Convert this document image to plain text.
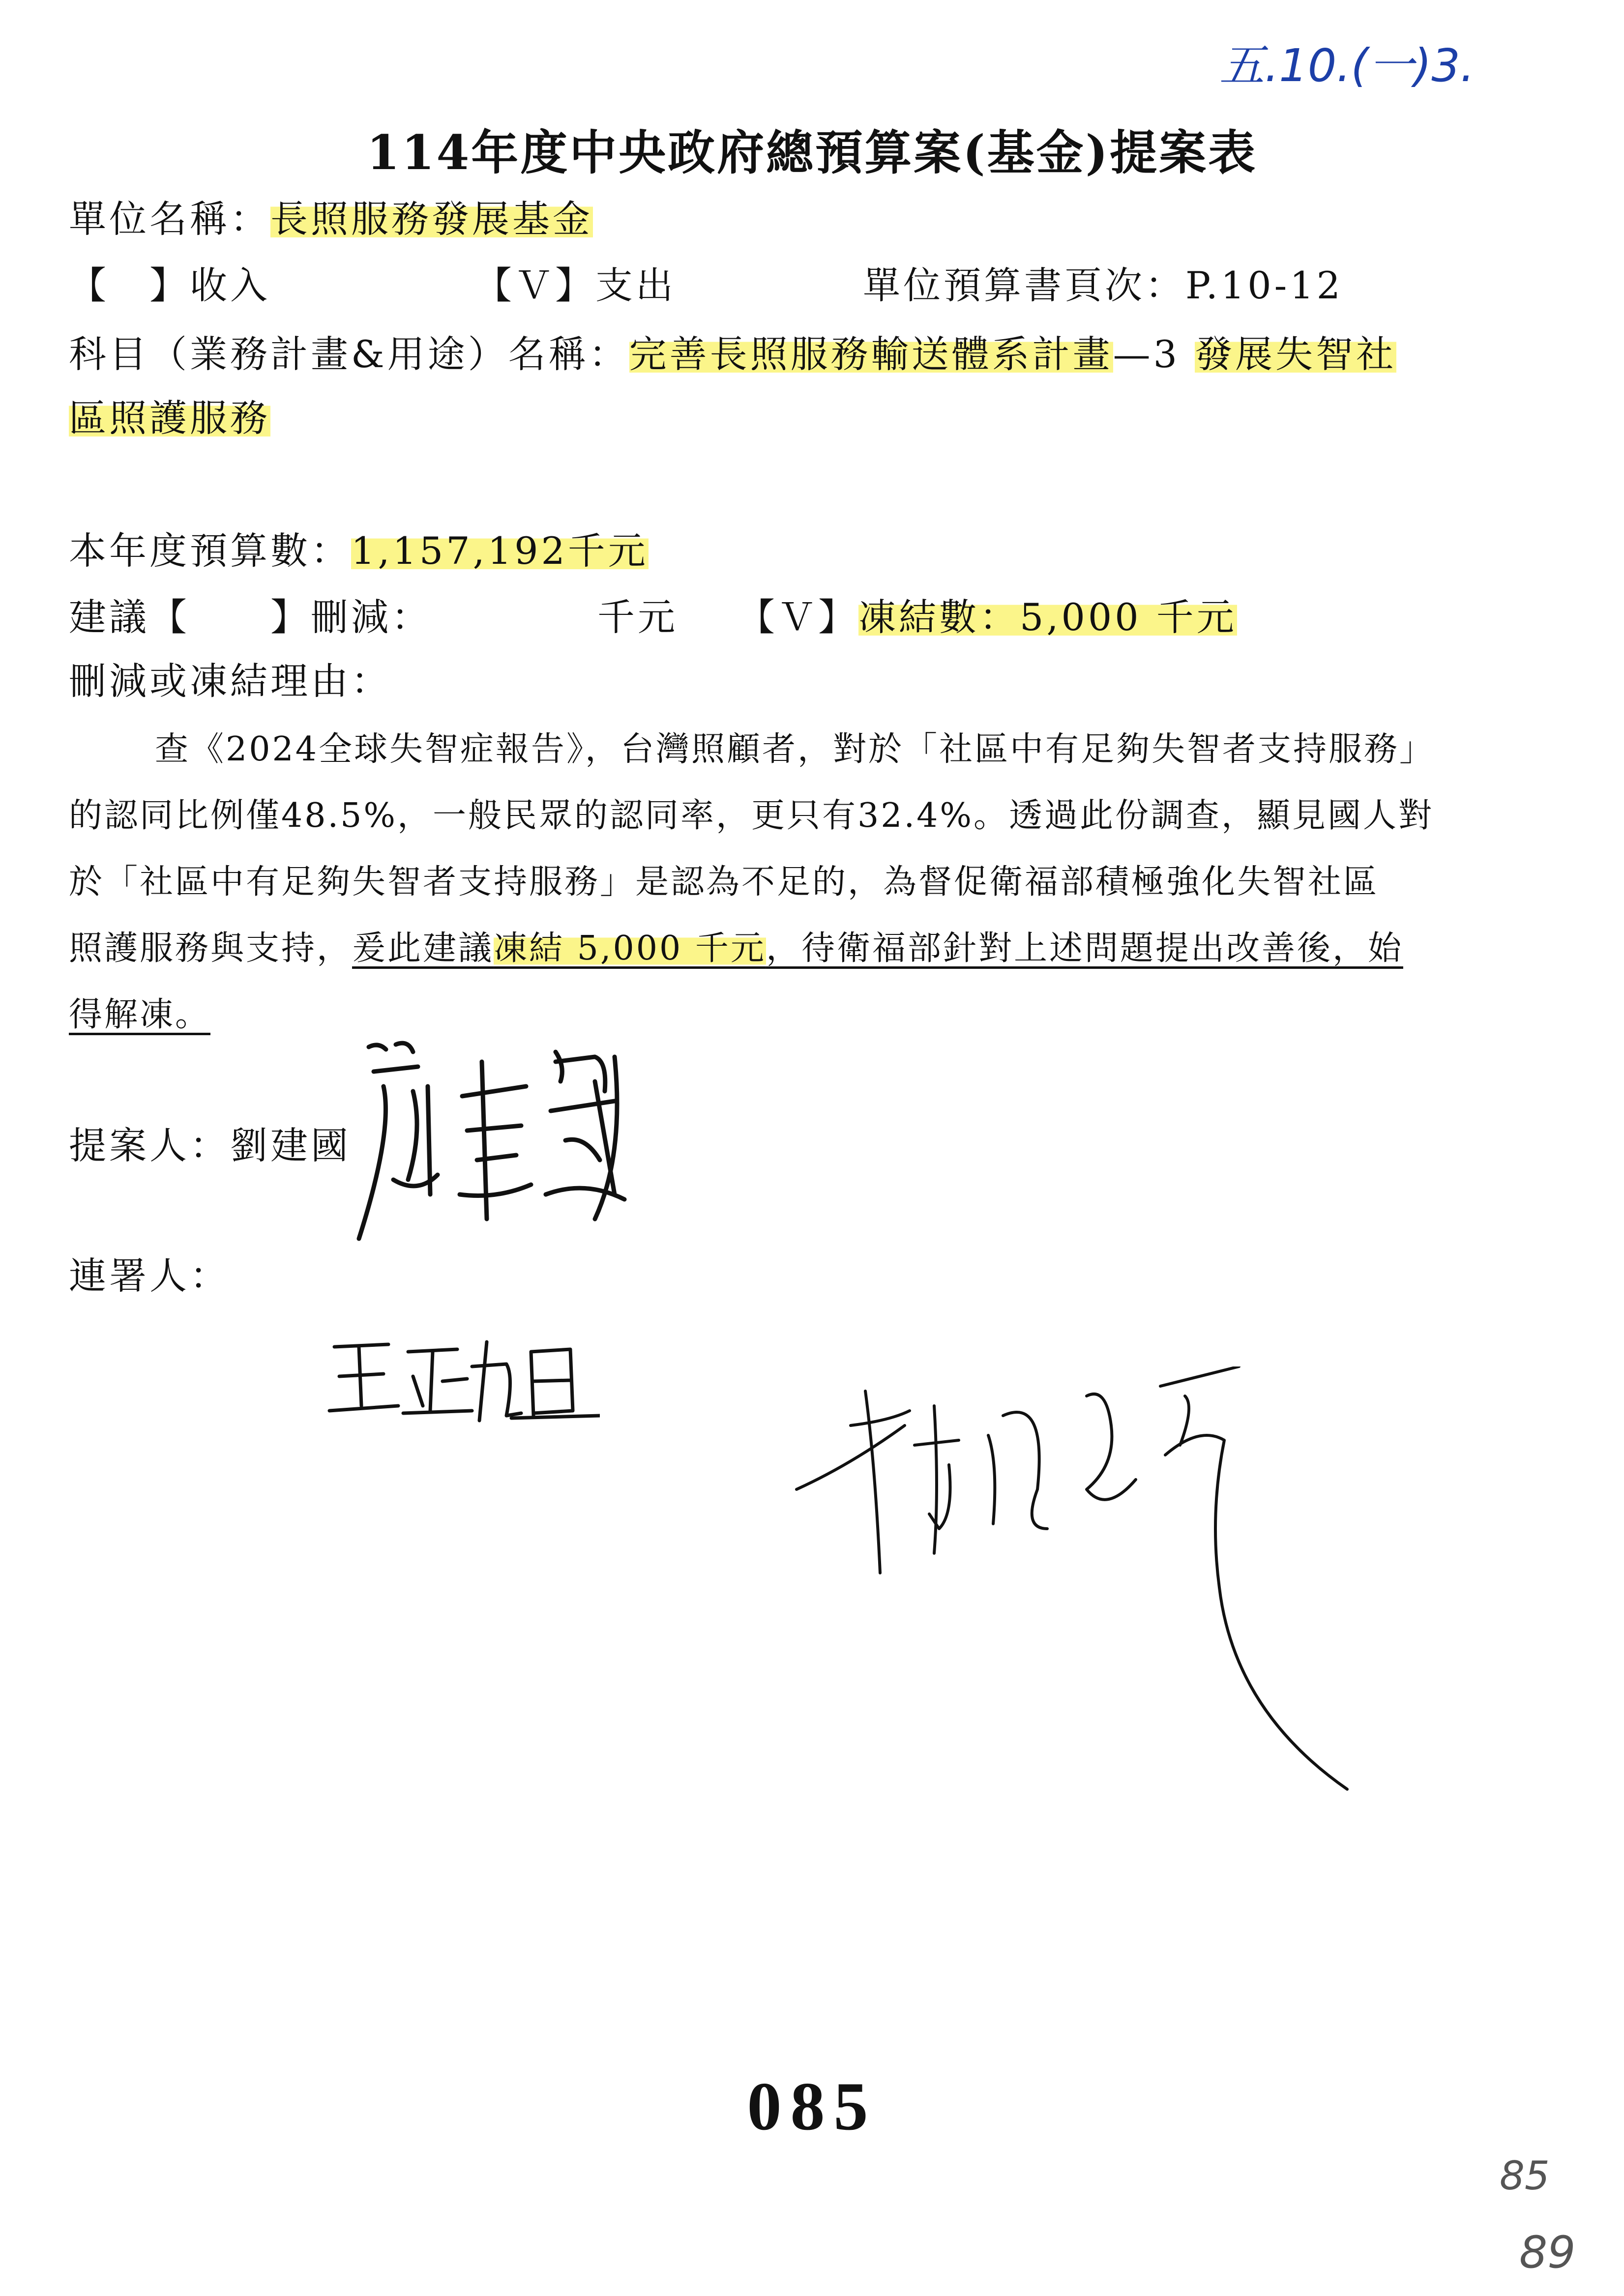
五.10.(一)3.
114年度中央政府總預算案(基金)提案表
單位名稱：長照服務發展基金
【　】收入	【Ｖ】支出	單位預算書頁次：P.10-12
科目（業務計畫&用途）名稱：完善長照服務輸送體系計畫—3 發展失智社
區照護服務
本年度預算數：1,157,192千元
建議【　　】刪減：	千元 【Ｖ】凍結數：5,000 千元
刪減或凍結理由：
查《2024全球失智症報告》，台灣照顧者，對於「社區中有足夠失智者支持服務」
的認同比例僅48.5%，一般民眾的認同率，更只有32.4%。透過此份調查，顯見國人對
於「社區中有足夠失智者支持服務」是認為不足的，為督促衛福部積極強化失智社區
照護服務與支持，爰此建議凍結 5,000 千元，待衛福部針對上述問題提出改善後，始
得解凍。
提案人：劉建國
連署人：
085
85
89
